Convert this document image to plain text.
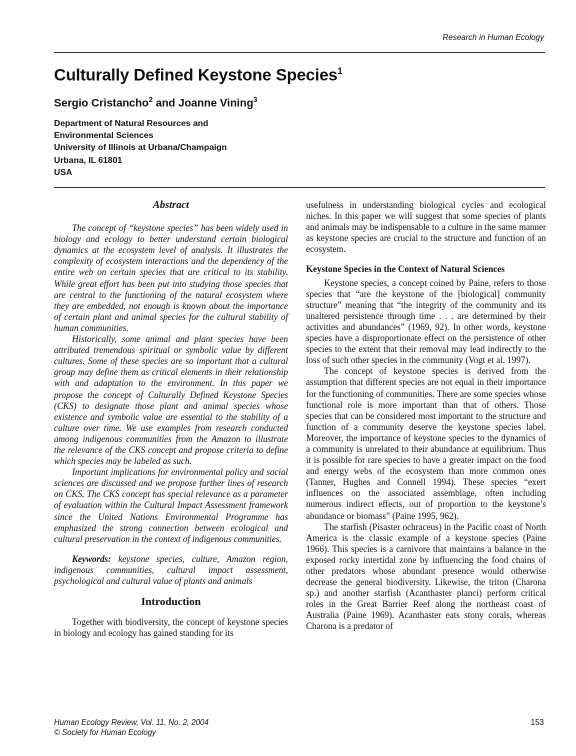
Research in Human Ecology
Culturally Defined Keystone Species$^1$
Sergio Cristancho$^2$ and Joanne Vining$^3$
Department of Natural Resources and
Environmental Sciences
University of Illinois at Urbana/Champaign
Urbana, IL 61801
USA
Abstract

The concept of “keystone species” has been widely used in biology and ecology to better understand certain biological dynamics at the ecosystem level of analysis. It illustrates the complexity of ecosystem interactions and the dependency of the entire web on certain species that are critical to its stability. While great effort has been put into studying those species that are central to the functioning of the natural ecosystem where they are embedded, not enough is known about the importance of certain plant and animal species for the cultural stability of human communities.

Historically, some animal and plant species have been attributed tremendous spiritual or symbolic value by different cultures. Some of these species are so important that a cultural group may define them as critical elements in their relationship with and adaptation to the environment. In this paper we propose the concept of Culturally Defined Keystone Species (CKS) to designate those plant and animal species whose existence and symbolic value are essential to the stability of a culture over time. We use examples from research conducted among indigenous communities from the Amazon to illustrate the relevance of the CKS concept and propose criteria to define which species may be labeled as such.

Important implications for environmental policy and social sciences are discussed and we propose further lines of research on CKS. The CKS concept has special relevance as a parameter of evaluation within the Cultural Impact Assessment framework since the United Nations Environmental Programme has emphasized the strong connection between ecological and cultural preservation in the context of indigenous communities.

Keywords: keystone species, culture, Amazon region, indigenous communities, cultural impact assessment, psychological and cultural value of plants and animals

Introduction

Together with biodiversity, the concept of keystone species in biology and ecology has gained standing for its

usefulness in understanding biological cycles and ecological niches. In this paper we will suggest that some species of plants and animals may be indispensable to a culture in the same manner as keystone species are crucial to the structure and function of an ecosystem.

Keystone Species in the Context of Natural Sciences

Keystone species, a concept coined by Paine, refers to those species that “are the keystone of the [biological] community structure” meaning that “the integrity of the community and its unaltered persistence through time . . . are determined by their activities and abundances” (1969, 92). In other words, keystone species have a disproportionate effect on the persistence of other species to the extent that their removal may lead indirectly to the loss of such other species in the community (Vogt et al. 1997).

The concept of keystone species is derived from the assumption that different species are not equal in their importance for the functioning of communities. There are some species whose functional role is more important than that of others. Those species that can be considered most important to the structure and function of a community deserve the keystone species label. Moreover, the importance of keystone species to the dynamics of a community is unrelated to their abundance at equilibrium. Thus it is possible for rare species to have a greater impact on the food and energy webs of the ecosystem than more common ones (Tanner, Hughes and Connell 1994). These species “exert influences on the associated assemblage, often including numerous indirect effects, out of proportion to the keystone’s abundance or biomass” (Paine 1995, 962).

The starfish (Pisaster ochraceus) in the Pacific coast of North America is the classic example of a keystone species (Paine 1966). This species is a carnivore that maintains a balance in the exposed rocky intertidal zone by influencing the food chains of other predators whose abundant presence would otherwise decrease the general biodiversity. Likewise, the triton (Charona sp.) and another starfish (Acanthaster planci) perform critical roles in the Great Barrier Reef along the northeast coast of Australia (Paine 1969). Acanthaster eats stony corals, whereas Charona is a predator of

Human Ecology Review, Vol. 11, No. 2, 2004
© Society for Human Ecology
153
